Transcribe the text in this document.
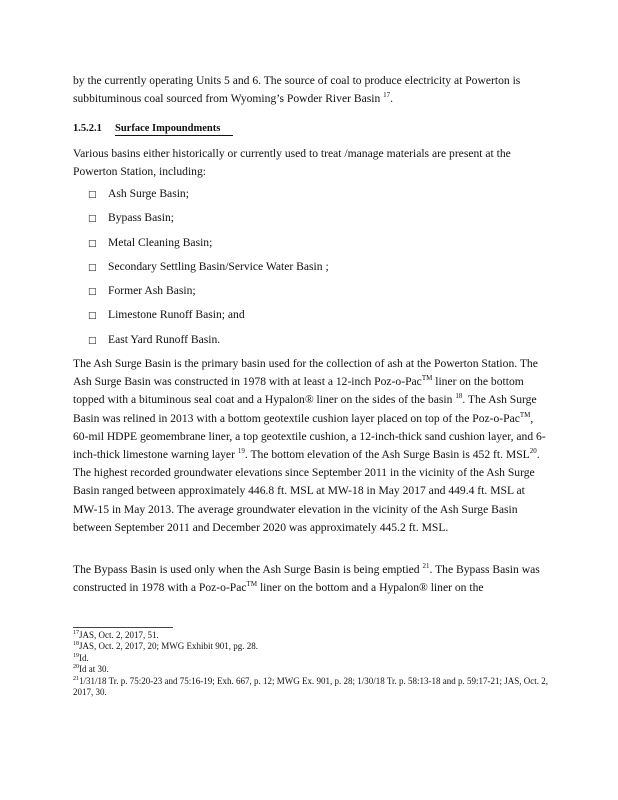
by the currently operating Units 5 and 6. The source of coal to produce electricity at Powerton is subbituminous coal sourced from Wyoming’s Powder River Basin $^{17}$.

1.5.2.1 Surface Impoundments

Various basins either historically or currently used to treat /manage materials are present at the Powerton Station, including:

□ Ash Surge Basin;
□ Bypass Basin;
□ Metal Cleaning Basin;
□ Secondary Settling Basin/Service Water Basin ;
□ Former Ash Basin;
□ Limestone Runoff Basin; and
□ East Yard Runoff Basin.

The Ash Surge Basin is the primary basin used for the collection of ash at the Powerton Station. The Ash Surge Basin was constructed in 1978 with at least a 12-inch Poz-o-Pac™ liner on the bottom topped with a bituminous seal coat and a Hypalon® liner on the sides of the basin $^{18}$. The Ash Surge Basin was relined in 2013 with a bottom geotextile cushion layer placed on top of the Poz-o-Pac™, 60-mil HDPE geomembrane liner, a top geotextile cushion, a 12-inch-thick sand cushion layer, and 6-inch-thick limestone warning layer $^{19}$. The bottom elevation of the Ash Surge Basin is 452 ft. MSL$^{20}$. The highest recorded groundwater elevations since September 2011 in the vicinity of the Ash Surge Basin ranged between approximately 446.8 ft. MSL at MW-18 in May 2017 and 449.4 ft. MSL at MW-15 in May 2013. The average groundwater elevation in the vicinity of the Ash Surge Basin between September 2011 and December 2020 was approximately 445.2 ft. MSL.

The Bypass Basin is used only when the Ash Surge Basin is being emptied $^{21}$. The Bypass Basin was constructed in 1978 with a Poz-o-Pac™ liner on the bottom and a Hypalon® liner on the

$^{17}$JAS, Oct. 2, 2017, 51.
$^{18}$JAS, Oct. 2, 2017, 20; MWG Exhibit 901, pg. 28.
$^{19}$Id.
$^{20}$Id at 30.
$^{21}$1/31/18 Tr. p. 75:20-23 and 75:16-19; Exh. 667, p. 12; MWG Ex. 901, p. 28; 1/30/18 Tr. p. 58:13-18 and p. 59:17-21; JAS, Oct. 2, 2017, 30.
